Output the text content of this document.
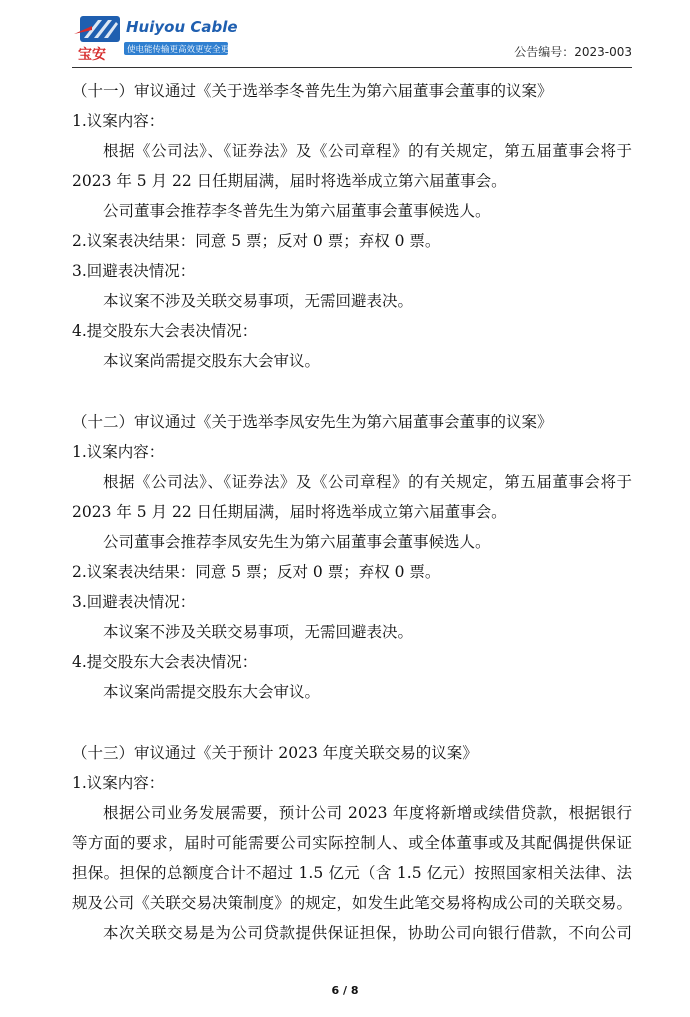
宝安
Huiyou Cable
使电能传输更高效更安全更绿色	公告编号：2023-003
（十一）审议通过《关于选举李冬普先生为第六届董事会董事的议案》
1.议案内容：
根据《公司法》、《证券法》及《公司章程》的有关规定，第五届董事会将于
2023 年 5 月 22 日任期届满，届时将选举成立第六届董事会。
公司董事会推荐李冬普先生为第六届董事会董事候选人。
2.议案表决结果：同意 5 票；反对 0 票；弃权 0 票。
3.回避表决情况：
本议案不涉及关联交易事项，无需回避表决。
4.提交股东大会表决情况：
本议案尚需提交股东大会审议。
（十二）审议通过《关于选举李凤安先生为第六届董事会董事的议案》
1.议案内容：
根据《公司法》、《证券法》及《公司章程》的有关规定，第五届董事会将于
2023 年 5 月 22 日任期届满，届时将选举成立第六届董事会。
公司董事会推荐李凤安先生为第六届董事会董事候选人。
2.议案表决结果：同意 5 票；反对 0 票；弃权 0 票。
3.回避表决情况：
本议案不涉及关联交易事项，无需回避表决。
4.提交股东大会表决情况：
本议案尚需提交股东大会审议。
（十三）审议通过《关于预计 2023 年度关联交易的议案》
1.议案内容：
根据公司业务发展需要，预计公司 2023 年度将新增或续借贷款，根据银行
等方面的要求，届时可能需要公司实际控制人、或全体董事或及其配偶提供保证
担保。担保的总额度合计不超过 1.5 亿元（含 1.5 亿元）按照国家相关法律、法
规及公司《关联交易决策制度》的规定，如发生此笔交易将构成公司的关联交易。
本次关联交易是为公司贷款提供保证担保，协助公司向银行借款，不向公司
6 / 8
